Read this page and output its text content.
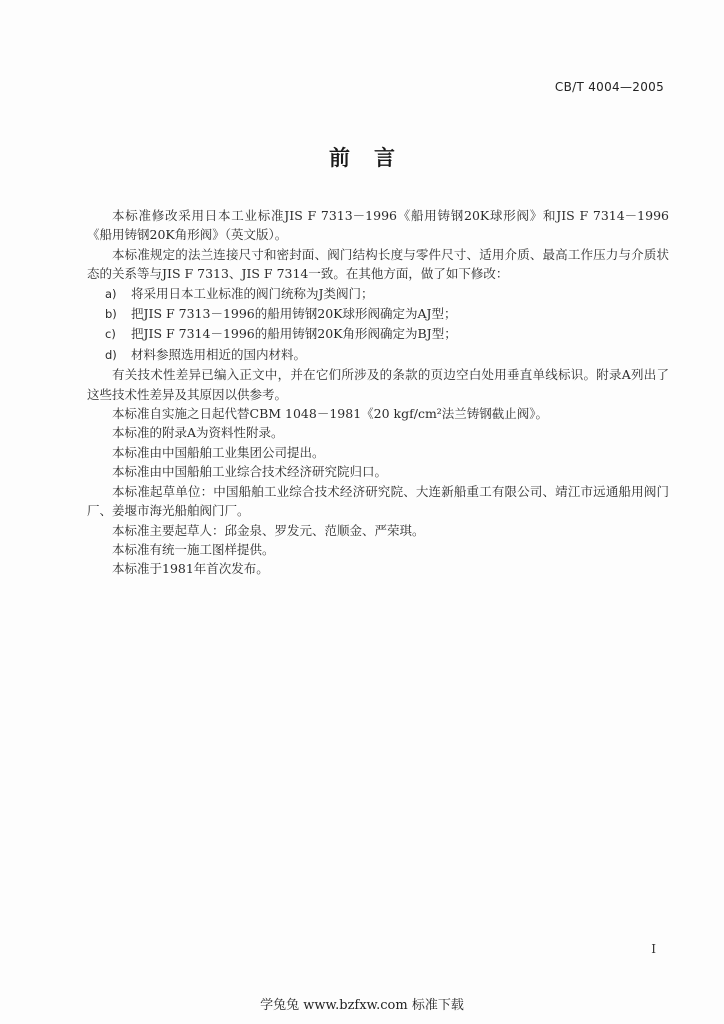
CB/T 4004—2005
前言

本标准修改采用日本工业标准JIS F 7313－1996《船用铸钢20K球形阀》和JIS F 7314－1996《船用铸钢20K角形阀》（英文版）。

本标准规定的法兰连接尺寸和密封面、阀门结构长度与零件尺寸、适用介质、最高工作压力与介质状态的关系等与JIS F 7313、JIS F 7314一致。在其他方面，做了如下修改：

a) 将采用日本工业标准的阀门统称为J类阀门；

b) 把JIS F 7313－1996的船用铸钢20K球形阀确定为AJ型；

c) 把JIS F 7314－1996的船用铸钢20K角形阀确定为BJ型；

d) 材料参照选用相近的国内材料。

有关技术性差异已编入正文中，并在它们所涉及的条款的页边空白处用垂直单线标识。附录A列出了这些技术性差异及其原因以供参考。

本标准自实施之日起代替CBM 1048－1981《20 kgf/cm²法兰铸钢截止阀》。

本标准的附录A为资料性附录。

本标准由中国船舶工业集团公司提出。

本标准由中国船舶工业综合技术经济研究院归口。

本标准起草单位：中国船舶工业综合技术经济研究院、大连新船重工有限公司、靖江市远通船用阀门厂、姜堰市海光船舶阀门厂。

本标准主要起草人：邱金泉、罗发元、范顺金、严荣琪。

本标准有统一施工图样提供。

本标准于1981年首次发布。

I
学兔兔 www.bzfxw.com 标准下载
